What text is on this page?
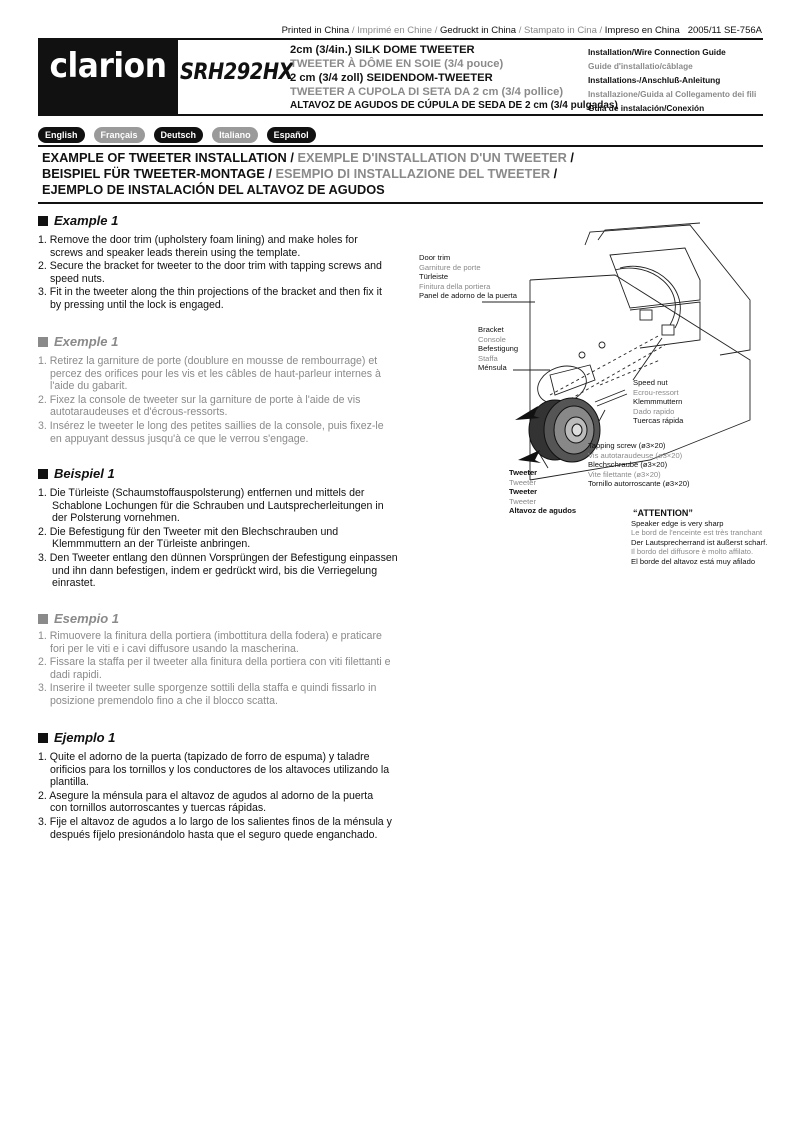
Printed in China / Imprimé en Chine / Gedruckt in China / Stampato in Cina / Impreso en China 2005/11 SE-756A
clarion SRH292HX
2cm (3/4in.) SILK DOME TWEETER
TWEETER À DÔME EN SOIE (3/4 pouce)
2 cm (3/4 zoll) SEIDENDOM-TWEETER
TWEETER A CUPOLA DI SETA DA 2 cm (3/4 pollice)
ALTAVOZ DE AGUDOS DE CÚPULA DE SEDA DE 2 cm (3/4 pulgadas)
Installation/Wire Connection Guide
Guide d'installatio/câblage
Installations-/Anschluß-Anleitung
Installazione/Guida al Collegamento dei fili
Guía de instalación/Conexión
English	Français	Deutsch	Italiano	Español
EXAMPLE OF TWEETER INSTALLATION / EXEMPLE D'INSTALLATION D'UN TWEETER /
BEISPIEL FÜR TWEETER-MONTAGE / ESEMPIO DI INSTALLAZIONE DEL TWEETER /
EJEMPLO DE INSTALACIÓN DEL ALTAVOZ DE AGUDOS
Example 1
1. Remove the door trim (upholstery foam lining) and make holes for screws and speaker leads therein using the template.
2. Secure the bracket for tweeter to the door trim with tapping screws and speed nuts.
3. Fit in the tweeter along the thin projections of the bracket and then fix it by pressing until the lock is engaged.
Exemple 1
1. Retirez la garniture de porte (doublure en mousse de rembourrage) et percez des orifices pour les vis et les câbles de haut-parleur internes à l'aide du gabarit.
2. Fixez la console de tweeter sur la garniture de porte à l'aide de vis autotaraudeuses et d'écrous-ressorts.
3. Insérez le tweeter le long des petites saillies de la console, puis fixez-le en appuyant dessus jusqu'à ce que le verrou s'engage.
Beispiel 1
1. Die Türleiste (Schaumstoffauspolsterung) entfernen und mittels der Schablone Lochungen für die Schrauben und Lautsprecherleitungen in der Polsterung vornehmen.
2. Die Befestigung für den Tweeter mit den Blechschrauben und Klemmmuttern an der Türleiste anbringen.
3. Den Tweeter entlang den dünnen Vorsprüngen der Befestigung einpassen und ihn dann befestigen, indem er gedrückt wird, bis die Verriegelung einrastet.
Esempio 1
1. Rimuovere la finitura della portiera (imbottitura della fodera) e praticare fori per le viti e i cavi diffusore usando la mascherina.
2. Fissare la staffa per il tweeter alla finitura della portiera con viti filettanti e dadi rapidi.
3. Inserire il tweeter sulle sporgenze sottili della staffa e quindi fissarlo in posizione premendolo fino a che il blocco scatta.
Ejemplo 1
1. Quite el adorno de la puerta (tapizado de forro de espuma) y taladre orificios para los tornillos y los conductores de los altavoces utilizando la plantilla.
2. Asegure la ménsula para el altavoz de agudos al adorno de la puerta con tornillos autorroscantes y tuercas rápidas.
3. Fije el altavoz de agudos a lo largo de los salientes finos de la ménsula y después fíjelo presionándolo hasta que el seguro quede enganchado.
Door trim
Garniture de porte
Türleiste
Finitura della portiera
Panel de adorno de la puerta
Bracket
Console
Befestigung
Staffa
Ménsula
Speed nut
Ecrou-ressort
Klemmmuttern
Dado rapido
Tuercas rápida
Tapping screw (ø3×20)
Vis autotaraudeuse (ø3×20)
Blechschraube (ø3×20)
Vite filettante (ø3×20)
Tornillo autorroscante (ø3×20)
Tweeter
Tweeter
Tweeter
Tweeter
Altavoz de agudos	“ATTENTION”
Speaker edge is very sharp
Le bord de l'enceinte est très tranchant
Der Lautsprecherrand ist äußerst scharf.
Il bordo del diffusore è molto affilato.
El borde del altavoz está muy afilado
